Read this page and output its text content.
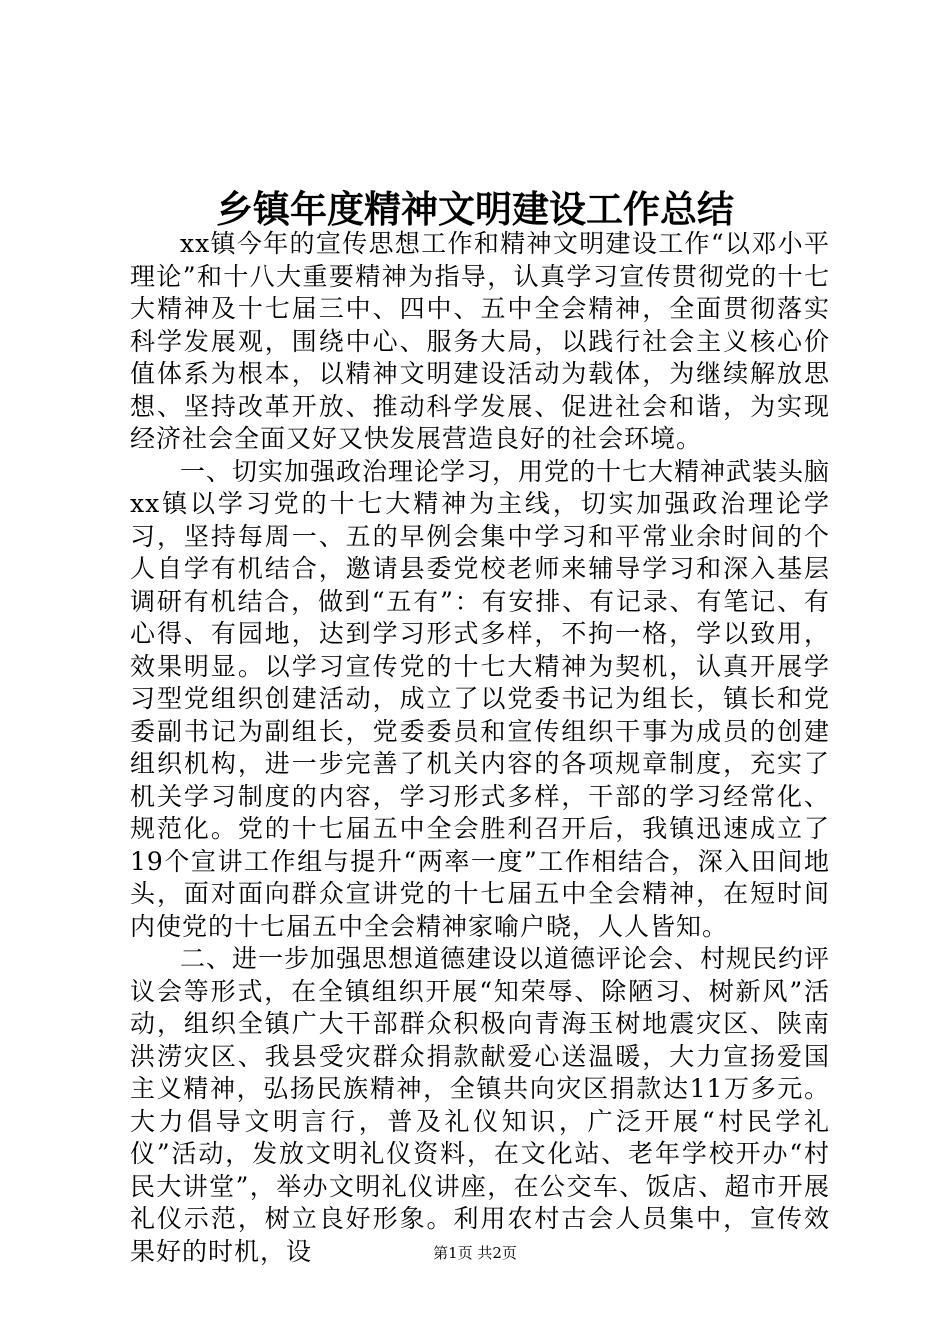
乡镇年度精神文明建设工作总结

xx镇今年的宣传思想工作和精神文明建设工作“以邓小平理论”和十八大重要精神为指导，认真学习宣传贯彻党的十七大精神及十七届三中、四中、五中全会精神，全面贯彻落实科学发展观，围绕中心、服务大局，以践行社会主义核心价值体系为根本，以精神文明建设活动为载体，为继续解放思想、坚持改革开放、推动科学发展、促进社会和谐，为实现经济社会全面又好又快发展营造良好的社会环境。

一、切实加强政治理论学习，用党的十七大精神武装头脑xx镇以学习党的十七大精神为主线，切实加强政治理论学习，坚持每周一、五的早例会集中学习和平常业余时间的个人自学有机结合，邀请县委党校老师来辅导学习和深入基层调研有机结合，做到“五有”：有安排、有记录、有笔记、有心得、有园地，达到学习形式多样，不拘一格，学以致用，效果明显。以学习宣传党的十七大精神为契机，认真开展学习型党组织创建活动，成立了以党委书记为组长，镇长和党委副书记为副组长，党委委员和宣传组织干事为成员的创建组织机构，进一步完善了机关内容的各项规章制度，充实了机关学习制度的内容，学习形式多样，干部的学习经常化、规范化。党的十七届五中全会胜利召开后，我镇迅速成立了19个宣讲工作组与提升“两率一度”工作相结合，深入田间地头，面对面向群众宣讲党的十七届五中全会精神，在短时间内使党的十七届五中全会精神家喻户晓，人人皆知。

二、进一步加强思想道德建设以道德评论会、村规民约评议会等形式，在全镇组织开展“知荣辱、除陋习、树新风”活动，组织全镇广大干部群众积极向青海玉树地震灾区、陕南洪涝灾区、我县受灾群众捐款献爱心送温暖，大力宣扬爱国主义精神，弘扬民族精神，全镇共向灾区捐款达11万多元。大力倡导文明言行，普及礼仪知识，广泛开展“村民学礼仪”活动，发放文明礼仪资料，在文化站、老年学校开办“村民大讲堂”，举办文明礼仪讲座，在公交车、饭店、超市开展礼仪示范，树立良好形象。利用农村古会人员集中，宣传效果好的时机，设	第1页 共2页
